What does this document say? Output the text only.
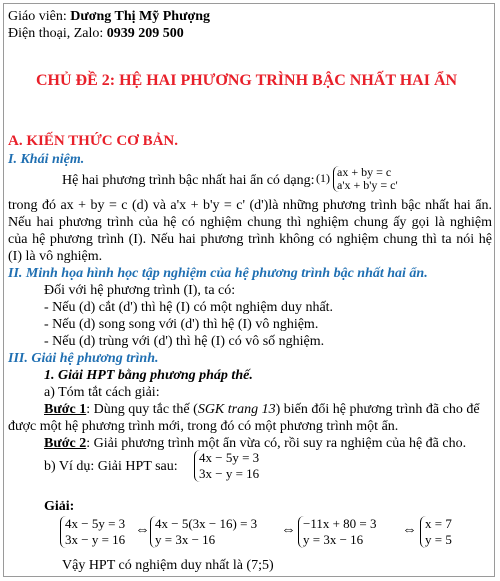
Giáo viên: Dương Thị Mỹ Phượng
Điện thoại, Zalo: 0939 209 500
CHỦ ĐỀ 2: HỆ HAI PHƯƠNG TRÌNH BẬC NHẤT HAI ẨN
A. KIẾN THỨC CƠ BẢN.
I. Khái niệm.
Hệ hai phương trình bậc nhất hai ẩn có dạng: (1) ax + by = c
a'x + b'y = c'
trong đó ax + by = c (d) và a'x + b'y = c' (d')là những phương trình bậc nhất hai ẩn.
Nếu hai phương trình của hệ có nghiệm chung thì nghiệm chung ấy gọi là nghiệm
của hệ phương trình (I). Nếu hai phương trình không có nghiệm chung thì ta nói hệ
(I) là vô nghiệm.
II. Minh họa hình học tập nghiệm của hệ phương trình bậc nhất hai ẩn.
Đối với hệ phương trình (I), ta có:
- Nếu (d) cắt (d') thì hệ (I) có một nghiệm duy nhất.
- Nếu (d) song song với (d') thì hệ (I) vô nghiệm.
- Nếu (d) trùng với (d') thì hệ (I) có vô số nghiệm.
III. Giải hệ phương trình.
1. Giải HPT bằng phương pháp thế.
a) Tóm tắt cách giải:
Bước 1: Dùng quy tắc thế (SGK trang 13) biến đổi hệ phương trình đã cho để
được một hệ phương trình mới, trong đó có một phương trình một ẩn.
Bước 2: Giải phương trình một ẩn vừa có, rồi suy ra nghiệm của hệ đã cho.
b) Ví dụ: Giải HPT sau:
4x − 5y = 3
3x − y = 16
Giải:
4x − 5y = 3
3x − y = 16
⇔ 4x − 5(3x − 16) = 3
y = 3x − 16
⇔ −11x + 80 = 3
y = 3x − 16
⇔ x = 7
y = 5
Vậy HPT có nghiệm duy nhất là (7;5)
